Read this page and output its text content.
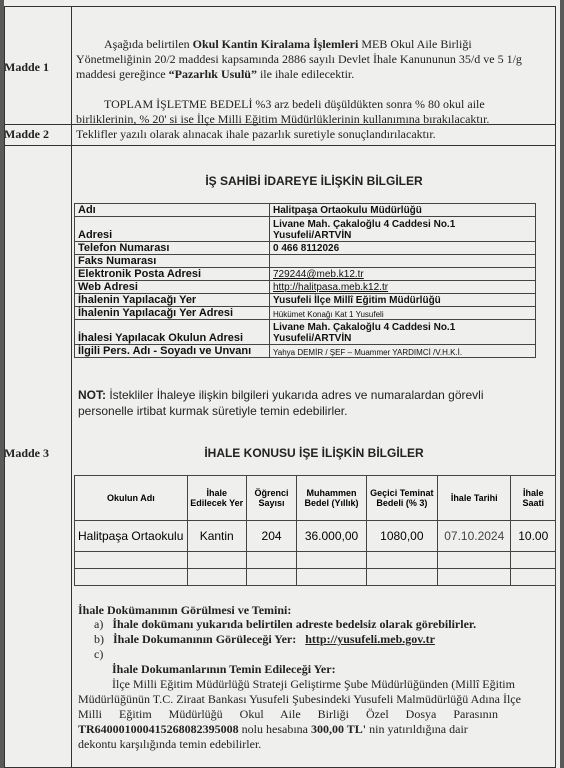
Madde 1
Aşağıda belirtilen Okul Kantin Kiralama İşlemleri MEB Okul Aile Birliği
Yönetmeliğinin 20/2 maddesi kapsamında 2886 sayılı Devlet İhale Kanununun 35/d ve 5 1/g
maddesi gereğince “Pazarlık Usulü” ile ihale edilecektir.
TOPLAM İŞLETME BEDELİ %3 arz bedeli düşüldükten sonra % 80 okul aile
birliklerinin, % 20' si ise İlçe Milli Eğitim Müdürlüklerinin kullanımına bırakılacaktır.
Madde 2 Teklifler yazılı olarak alınacak ihale pazarlık suretiyle sonuçlandırılacaktır.
Madde 3
İŞ SAHİBİ İDAREYE İLİŞKİN BİLGİLER
Adı	Halitpaşa Ortaokulu Müdürlüğü
Adresi	Livane Mah. Çakaloğlu 4 Caddesi No.1 Yusufeli/ARTVİN
Telefon Numarası	0 466 8112026
Faks Numarası	
Elektronik Posta Adresi	729244@meb.k12.tr
Web Adresi	http://halitpasa.meb.k12.tr
İhalenin Yapılacağı Yer	Yusufeli İlçe Millî Eğitim Müdürlüğü
İhalenin Yapılacağı Yer Adresi	Hükümet Konağı Kat 1 Yusufeli
İhalesi Yapılacak Okulun Adresi	Livane Mah. Çakaloğlu 4 Caddesi No.1 Yusufeli/ARTVİN
İlgili Pers. Adı - Soyadı ve Unvanı	Yahya DEMİR / ŞEF – Muammer YARDIMCİ /V.H.K.İ.
NOT: İstekliler İhaleye ilişkin bilgileri yukarıda adres ve numaralardan görevli
personelle irtibat kurmak süretiyle temin edebilirler.
İHALE KONUSU İŞE İLİŞKİN BİLGİLER
Okulun Adı	İhale Edilecek Yer	Öğrenci Sayısı	Muhammen Bedel (Yıllık)	Geçici Teminat Bedeli (% 3)	İhale Tarihi	İhale Saati
Halitpaşa Ortaokulu	Kantin	204	36.000,00	1080,00	07.10.2024	10.00

İhale Dokümanının Görülmesi ve Temini:
a) İhale dokümanı yukarıda belirtilen adreste bedelsiz olarak görebilirler.
b) İhale Dokumanının Görüleceği Yer: http://yusufeli.meb.gov.tr
c)
İhale Dokumanlarının Temin Edileceği Yer:
İlçe Milli Eğitim Müdürlüğü Strateji Geliştirme Şube Müdürlüğünden (Millî Eğitim
Müdürlüğünün T.C. Ziraat Bankası Yusufeli Şubesindeki Yusufeli Malmüdürlüğü Adına İlçe
Milli Eğitim Müdürlüğü Okul Aile Birliği Özel Dosya Parasının
TR640001000415268082395008 nolu hesabına 300,00 TL' nin yatırıldığına dair
dekontu karşılığında temin edebilirler.
